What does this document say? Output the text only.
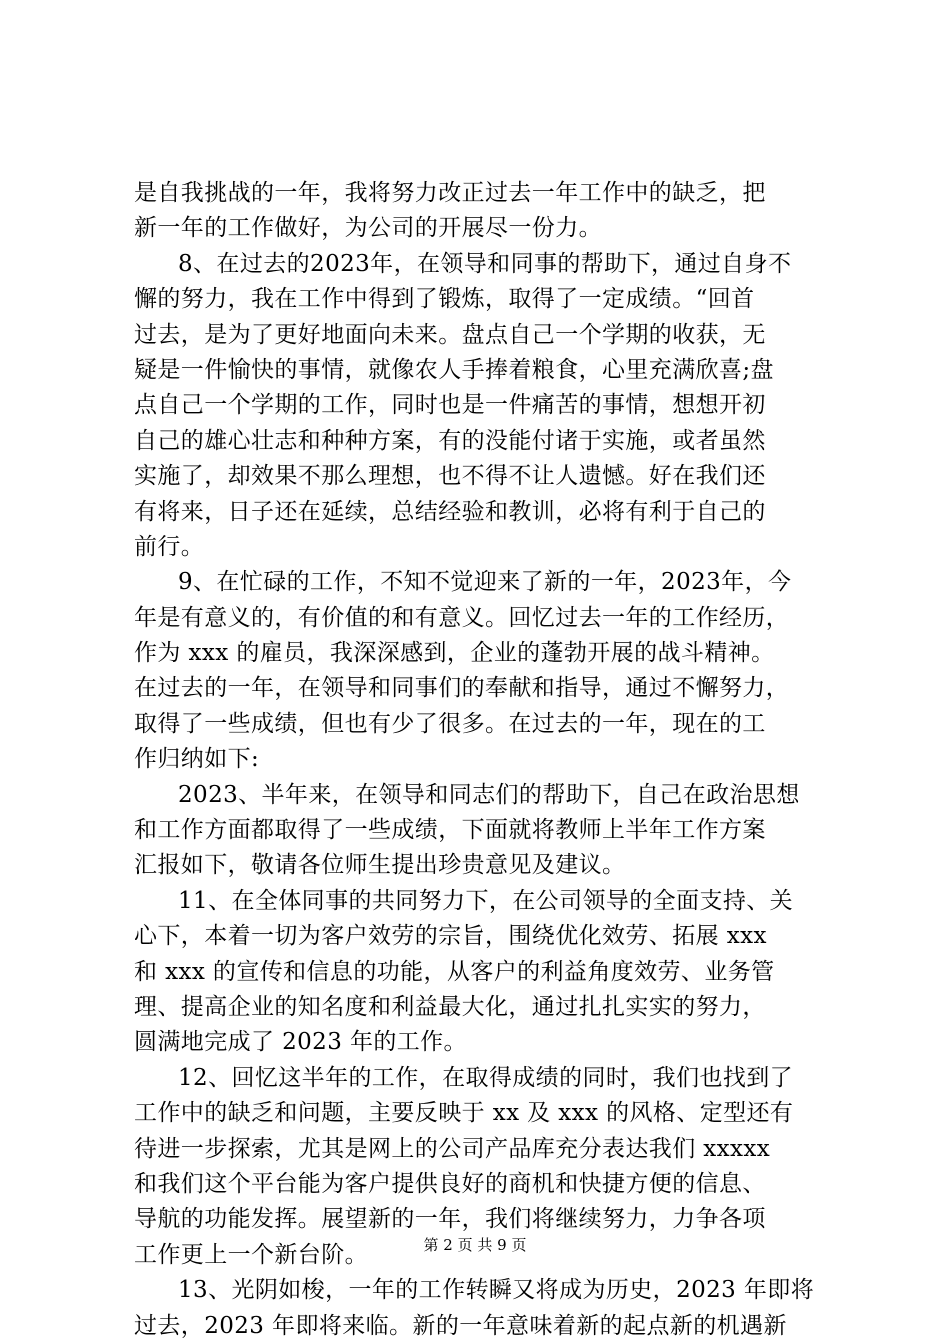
是自我挑战的一年，我将努力改正过去一年工作中的缺乏，把
新一年的工作做好，为公司的开展尽一份力。
8、在过去的2023年，在领导和同事的帮助下，通过自身不
懈的努力，我在工作中得到了锻炼，取得了一定成绩。“回首
过去，是为了更好地面向未来。盘点自己一个学期的收获，无
疑是一件愉快的事情，就像农人手捧着粮食，心里充满欣喜;盘
点自己一个学期的工作，同时也是一件痛苦的事情，想想开初
自己的雄心壮志和种种方案，有的没能付诸于实施，或者虽然
实施了，却效果不那么理想，也不得不让人遗憾。好在我们还
有将来，日子还在延续，总结经验和教训，必将有利于自己的
前行。
9、在忙碌的工作，不知不觉迎来了新的一年，2023年，今
年是有意义的，有价值的和有意义。回忆过去一年的工作经历，
作为 xxx 的雇员，我深深感到，企业的蓬勃开展的战斗精神。
在过去的一年，在领导和同事们的奉献和指导，通过不懈努力，
取得了一些成绩，但也有少了很多。在过去的一年，现在的工
作归纳如下:
2023、半年来，在领导和同志们的帮助下，自己在政治思想
和工作方面都取得了一些成绩，下面就将教师上半年工作方案
汇报如下，敬请各位师生提出珍贵意见及建议。
11、在全体同事的共同努力下，在公司领导的全面支持、关
心下，本着一切为客户效劳的宗旨，围绕优化效劳、拓展 xxx
和 xxx 的宣传和信息的功能，从客户的利益角度效劳、业务管
理、提高企业的知名度和利益最大化，通过扎扎实实的努力，
圆满地完成了 2023 年的工作。
12、回忆这半年的工作，在取得成绩的同时，我们也找到了
工作中的缺乏和问题，主要反映于 xx 及 xxx 的风格、定型还有
待进一步探索，尤其是网上的公司产品库充分表达我们 xxxxx
和我们这个平台能为客户提供良好的商机和快捷方便的信息、
导航的功能发挥。展望新的一年，我们将继续努力，力争各项
工作更上一个新台阶。
13、光阴如梭，一年的工作转瞬又将成为历史，2023 年即将
过去，2023 年即将来临。新的一年意味着新的起点新的机遇新
第 2 页 共 9 页
